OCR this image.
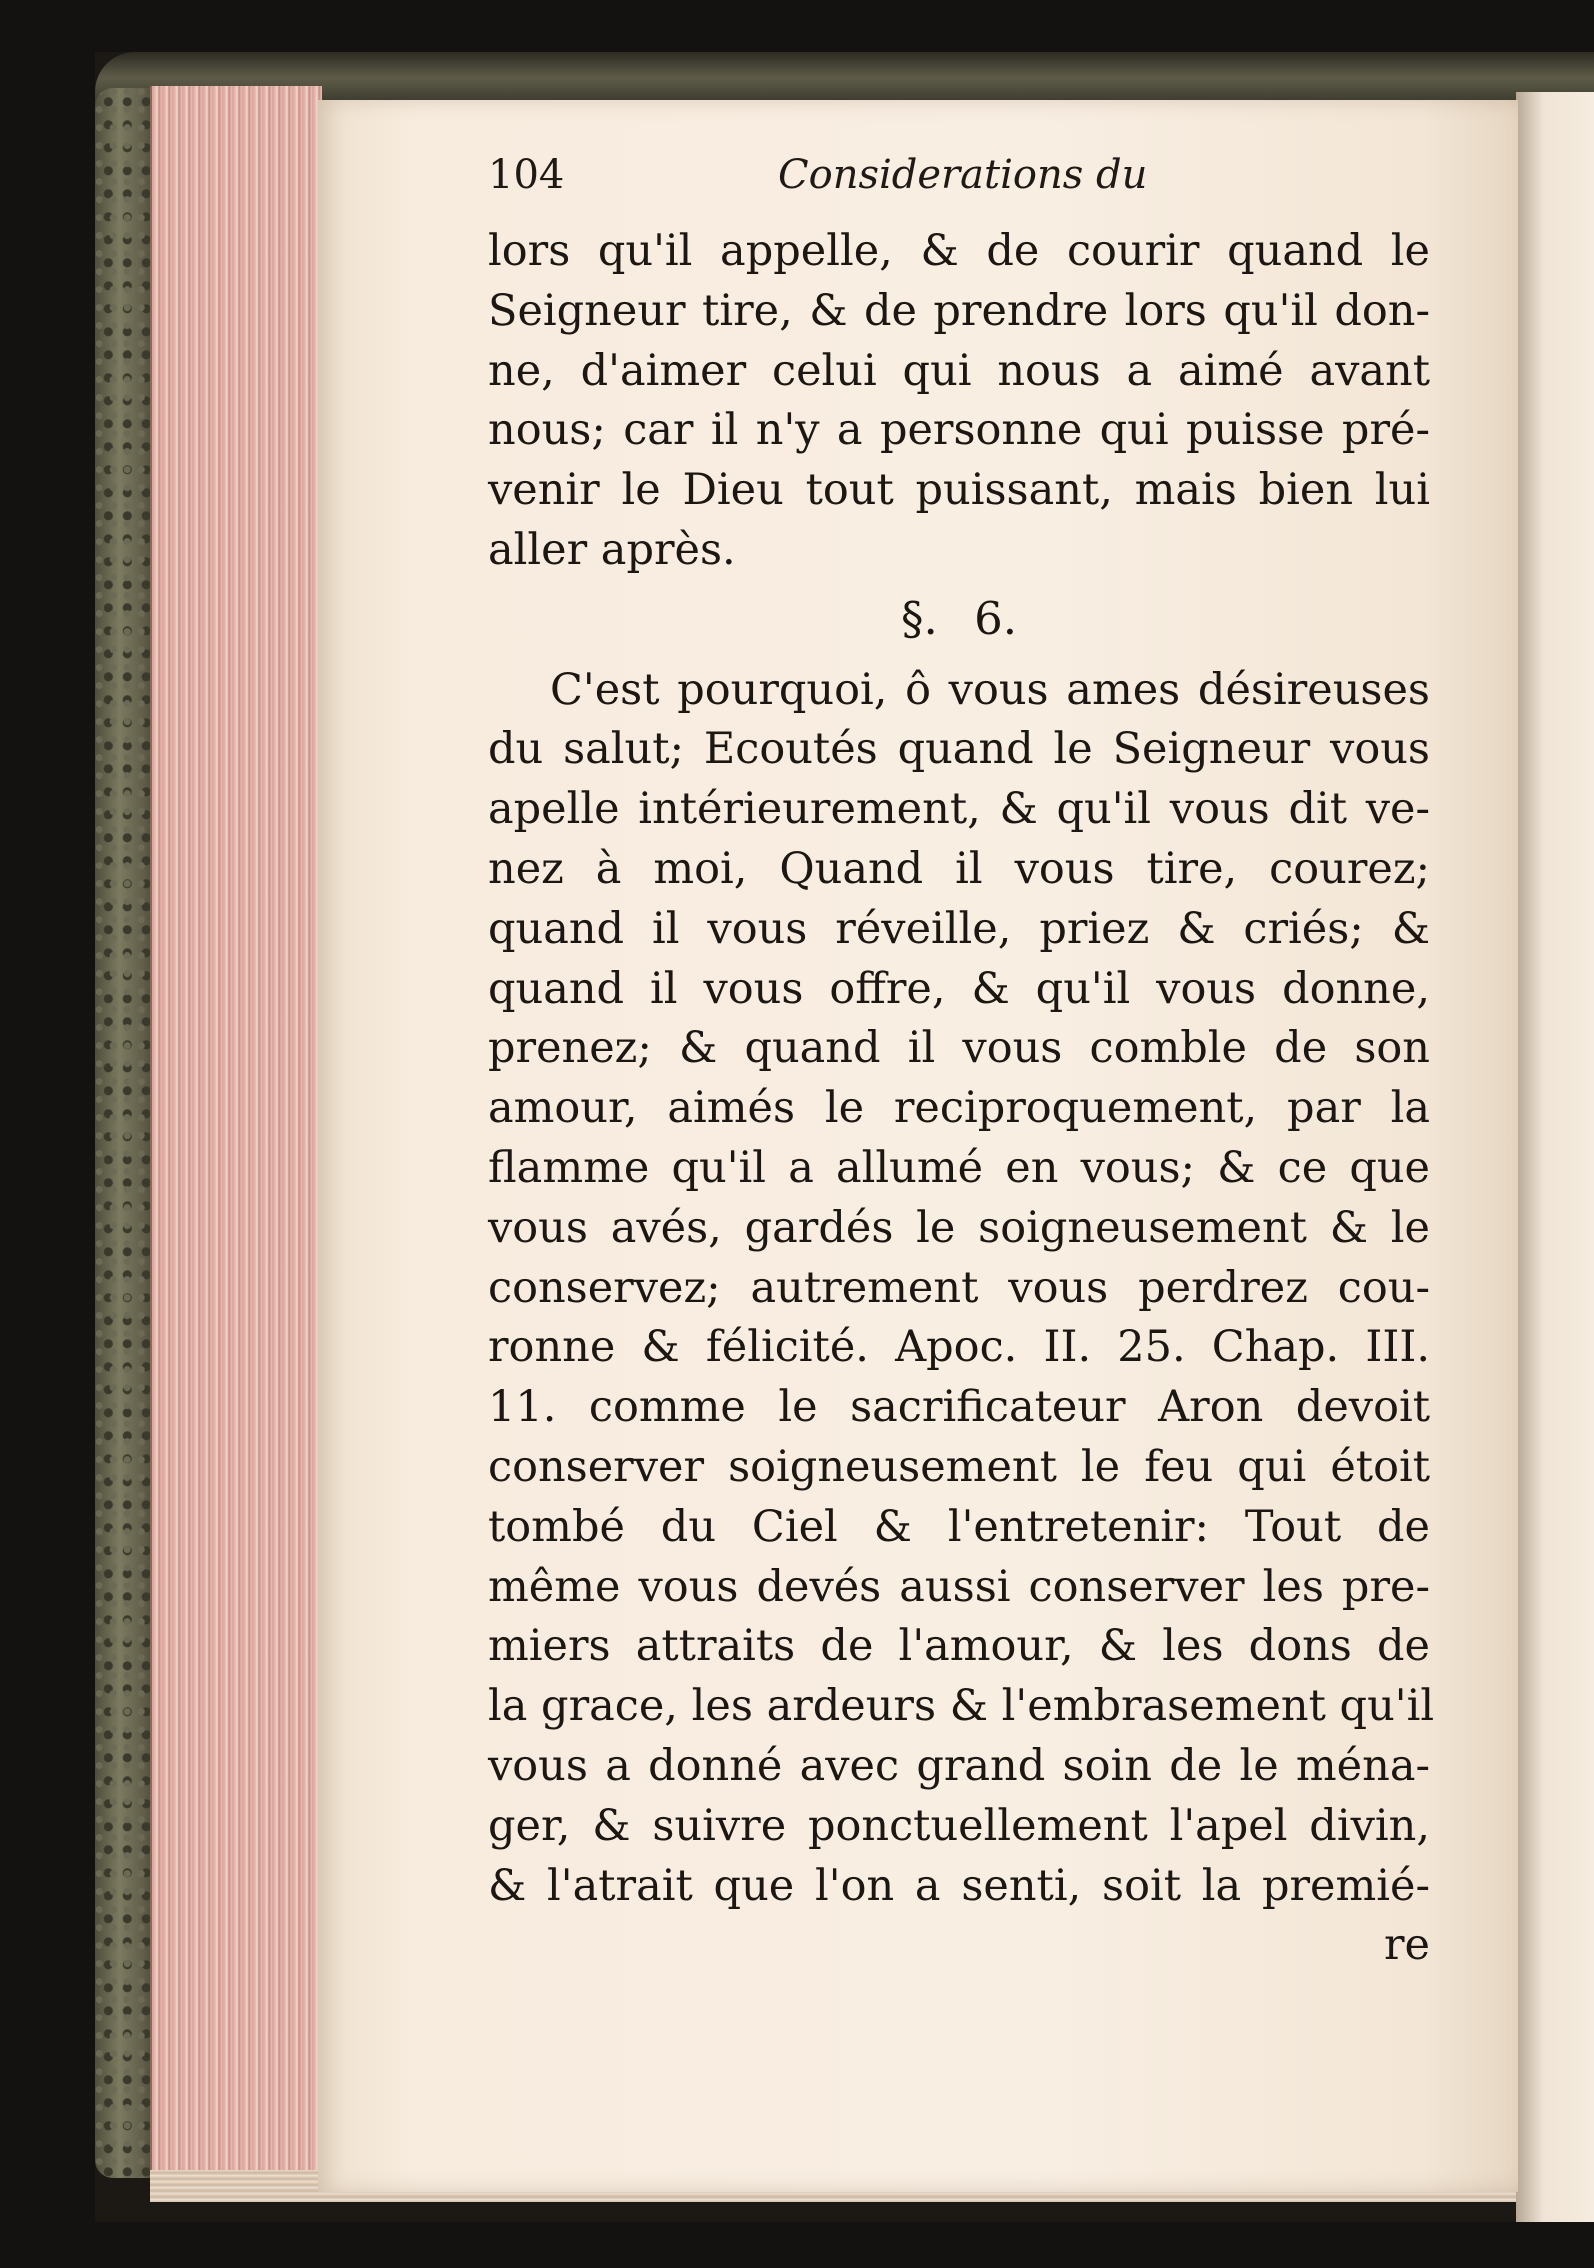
104	Considerations du
lors qu'il appelle, & de courir quand le
Seigneur tire, & de prendre lors qu'il don-
ne, d'aimer celui qui nous a aimé avant
nous; car il n'y a personne qui puisse pré-
venir le Dieu tout puissant, mais bien lui
aller après.
§. 6.
C'est pourquoi, ô vous ames désireuses
du salut; Ecoutés quand le Seigneur vous
apelle intérieurement, & qu'il vous dit ve-
nez à moi, Quand il vous tire, courez;
quand il vous réveille, priez & criés; &
quand il vous offre, & qu'il vous donne,
prenez; & quand il vous comble de son
amour, aimés le reciproquement, par la
flamme qu'il a allumé en vous; & ce que
vous avés, gardés le soigneusement & le
conservez; autrement vous perdrez cou-
ronne & félicité. Apoc. II. 25. Chap. III.
11. comme le sacrificateur Aron devoit
conserver soigneusement le feu qui étoit
tombé du Ciel & l'entretenir: Tout de
même vous devés aussi conserver les pre-
miers attraits de l'amour, & les dons de
la grace, les ardeurs & l'embrasement qu'il
vous a donné avec grand soin de le ména-
ger, & suivre ponctuellement l'apel divin,
& l'atrait que l'on a senti, soit la premié-
re
